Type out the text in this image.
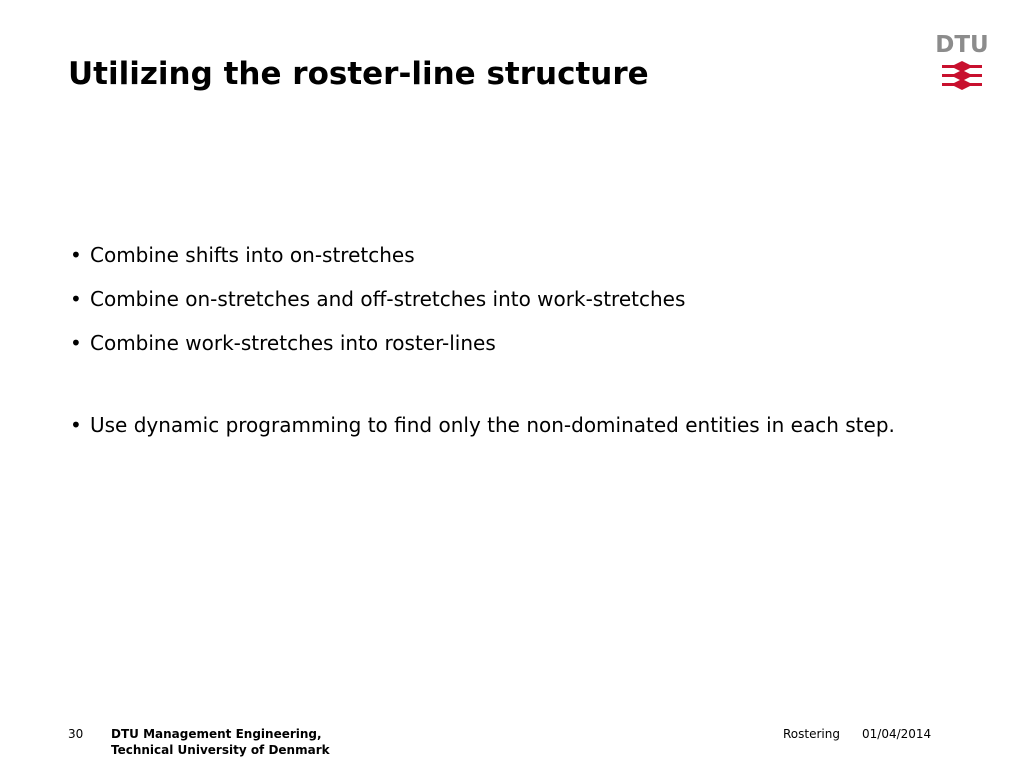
Utilizing the roster-line structure
DTU
• Combine shifts into on-stretches
• Combine on-stretches and off-stretches into work-stretches
• Combine work-stretches into roster-lines
• Use dynamic programming to find only the non-dominated entities in each step.
30 DTU Management Engineering,
Technical University of Denmark
Rostering 01/04/2014
